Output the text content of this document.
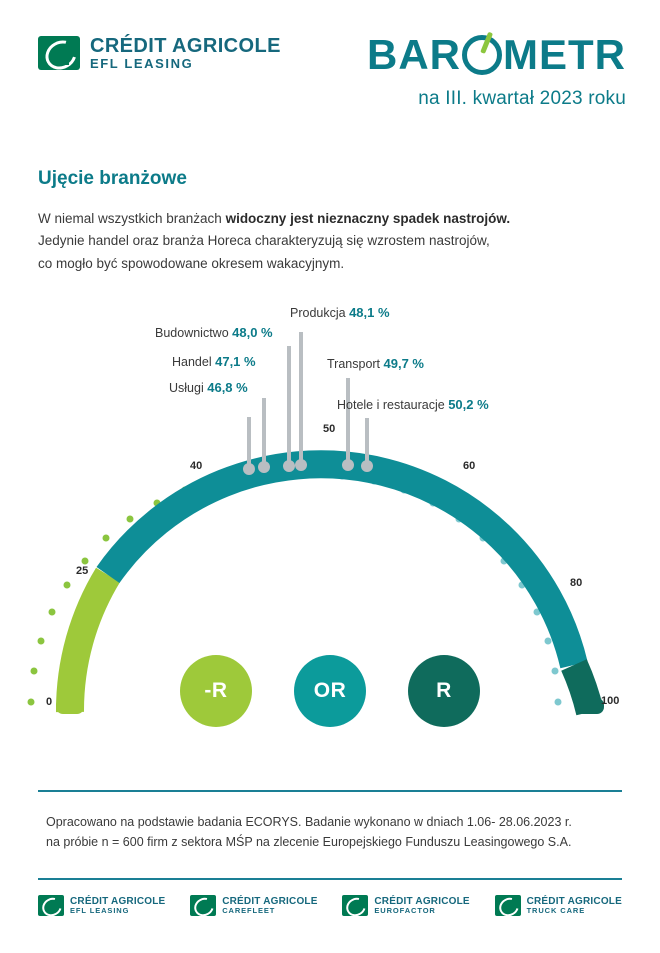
CRÉDIT AGRICOLE
EFL LEASING	BAR METR
na III. kwartał 2023 roku
Ujęcie branżowe
W niemal wszystkich branżach widoczny jest nieznaczny spadek nastrojów.
Jedynie handel oraz branża Horeca charakteryzują się wzrostem nastrojów,
co mogło być spowodowane okresem wakacyjnym.
Budownictwo 48,0 %
Handel 47,1 %
Usługi 46,8 %
Produkcja 48,1 %
Transport 49,7 %
Hotele i restauracje 50,2 %
0
25
40
50
60
80
100
-R	OR	R
Opracowano na podstawie badania ECORYS. Badanie wykonano w dniach 1.06- 28.06.2023 r.
na próbie n = 600 firm z sektora MŚP na zlecenie Europejskiego Funduszu Leasingowego S.A.
CRÉDIT AGRICOLE
EFL LEASING
CRÉDIT AGRICOLE
CAREFLEET
CRÉDIT AGRICOLE
EUROFACTOR
CRÉDIT AGRICOLE
TRUCK CARE
